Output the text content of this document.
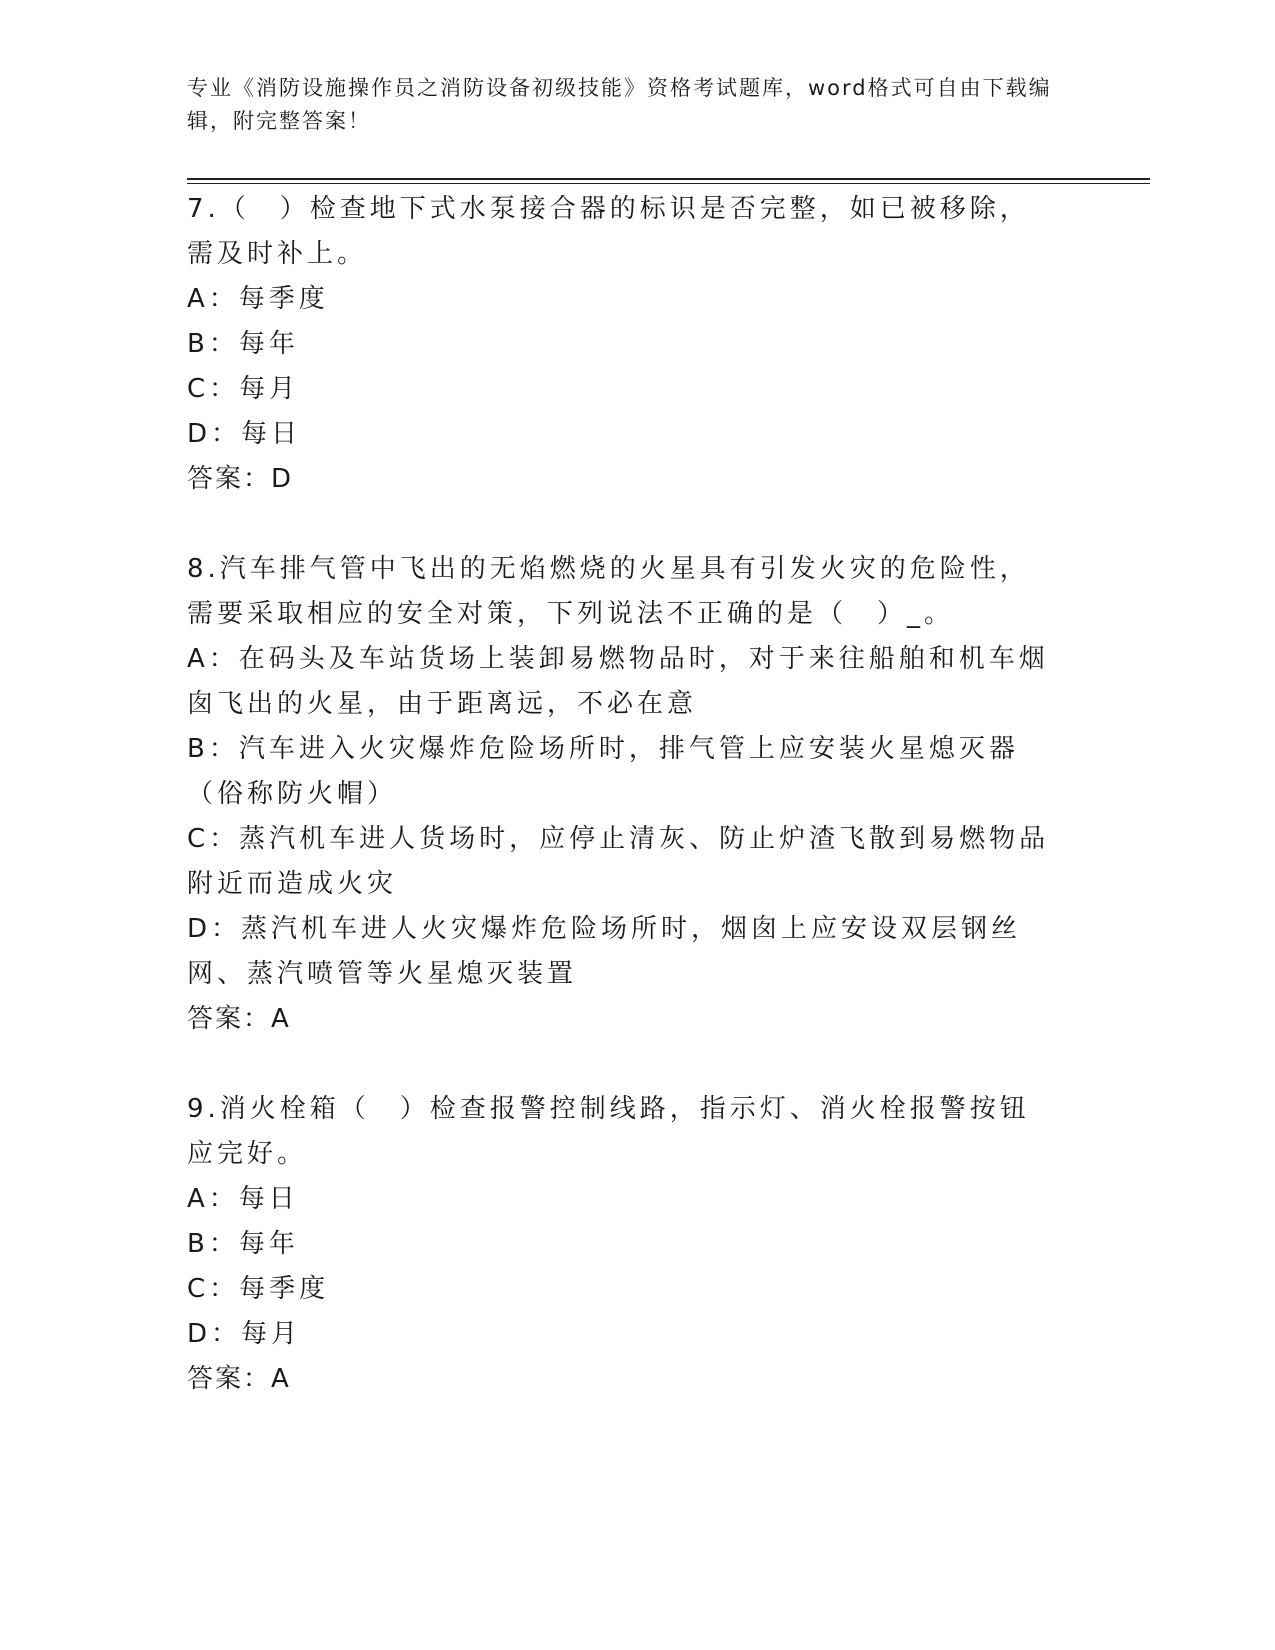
专业《消防设施操作员之消防设备初级技能》资格考试题库，word格式可自由下载编辑，附完整答案！
7.（　）检查地下式水泵接合器的标识是否完整，如已被移除，需及时补上。
A：每季度
B：每年
C：每月
D：每日
答案：D
8.汽车排气管中飞出的无焰燃烧的火星具有引发火灾的危险性，需要采取相应的安全对策，下列说法不正确的是（　）_。
A：在码头及车站货场上装卸易燃物品时，对于来往船舶和机车烟囱飞出的火星，由于距离远，不必在意
B：汽车进入火灾爆炸危险场所时，排气管上应安装火星熄灭器（俗称防火帽）
C：蒸汽机车进人货场时，应停止清灰、防止炉渣飞散到易燃物品附近而造成火灾
D：蒸汽机车进人火灾爆炸危险场所时，烟囱上应安设双层钢丝网、蒸汽喷管等火星熄灭装置
答案：A
9.消火栓箱（　）检查报警控制线路，指示灯、消火栓报警按钮应完好。
A：每日
B：每年
C：每季度
D：每月
答案：A
